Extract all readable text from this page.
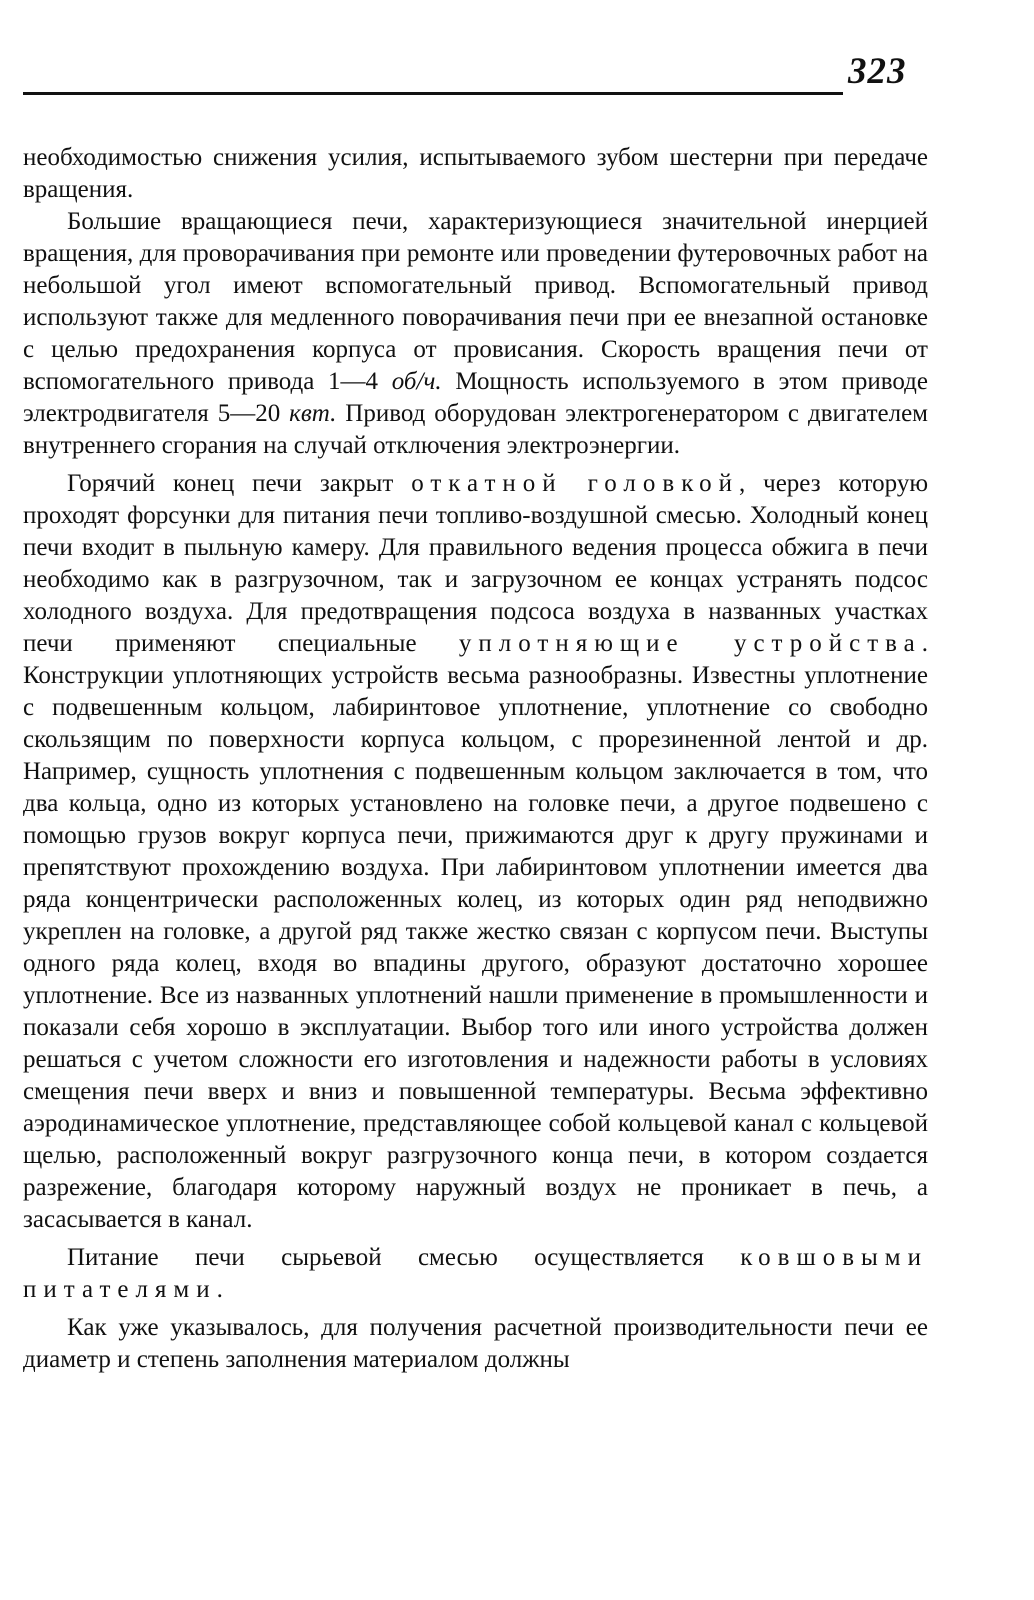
323

необходимостью снижения усилия, испытываемого зубом шестерни при передаче вращения.

Большие вращающиеся печи, характеризующиеся значительной инерцией вращения, для проворачивания при ремонте или проведении футеровочных работ на небольшой угол имеют вспомогательный привод. Вспомогательный привод используют также для медленного поворачивания печи при ее внезапной остановке с целью предохранения корпуса от провисания. Скорость вращения печи от вспомогательного привода 1—4 об/ч. Мощность используемого в этом приводе электродвигателя 5—20 квт. Привод оборудован электрогенератором с двигателем внутреннего сгорания на случай отключения электроэнергии.

Горячий конец печи закрыт откатной головкой, через которую проходят форсунки для питания печи топливо-воздушной смесью. Холодный конец печи входит в пыльную камеру. Для правильного ведения процесса обжига в печи необходимо как в разгрузочном, так и загрузочном ее концах устранять подсос холодного воздуха. Для предотвращения подсоса воздуха в названных участках печи применяют специальные уплотняющие устройства. Конструкции уплотняющих устройств весьма разнообразны. Известны уплотнение с подвешенным кольцом, лабиринтовое уплотнение, уплотнение со свободно скользящим по поверхности корпуса кольцом, с прорезиненной лентой и др. Например, сущность уплотнения с подвешенным кольцом заключается в том, что два кольца, одно из которых установлено на головке печи, а другое подвешено с помощью грузов вокруг корпуса печи, прижимаются друг к другу пружинами и препятствуют прохождению воздуха. При лабиринтовом уплотнении имеется два ряда концентрически расположенных колец, из которых один ряд неподвижно укреплен на головке, а другой ряд также жестко связан с корпусом печи. Выступы одного ряда колец, входя во впадины другого, образуют достаточно хорошее уплотнение. Все из названных уплотнений нашли применение в промышленности и показали себя хорошо в эксплуатации. Выбор того или иного устройства должен решаться с учетом сложности его изготовления и надежности работы в условиях смещения печи вверх и вниз и повышенной температуры. Весьма эффективно аэродинамическое уплотнение, представляющее собой кольцевой канал с кольцевой щелью, расположенный вокруг разгрузочного конца печи, в котором создается разрежение, благодаря которому наружный воздух не проникает в печь, а засасывается в канал.

Питание печи сырьевой смесью осуществляется ковшовыми питателями.

Как уже указывалось, для получения расчетной производительности печи ее диаметр и степень заполнения материалом должны
